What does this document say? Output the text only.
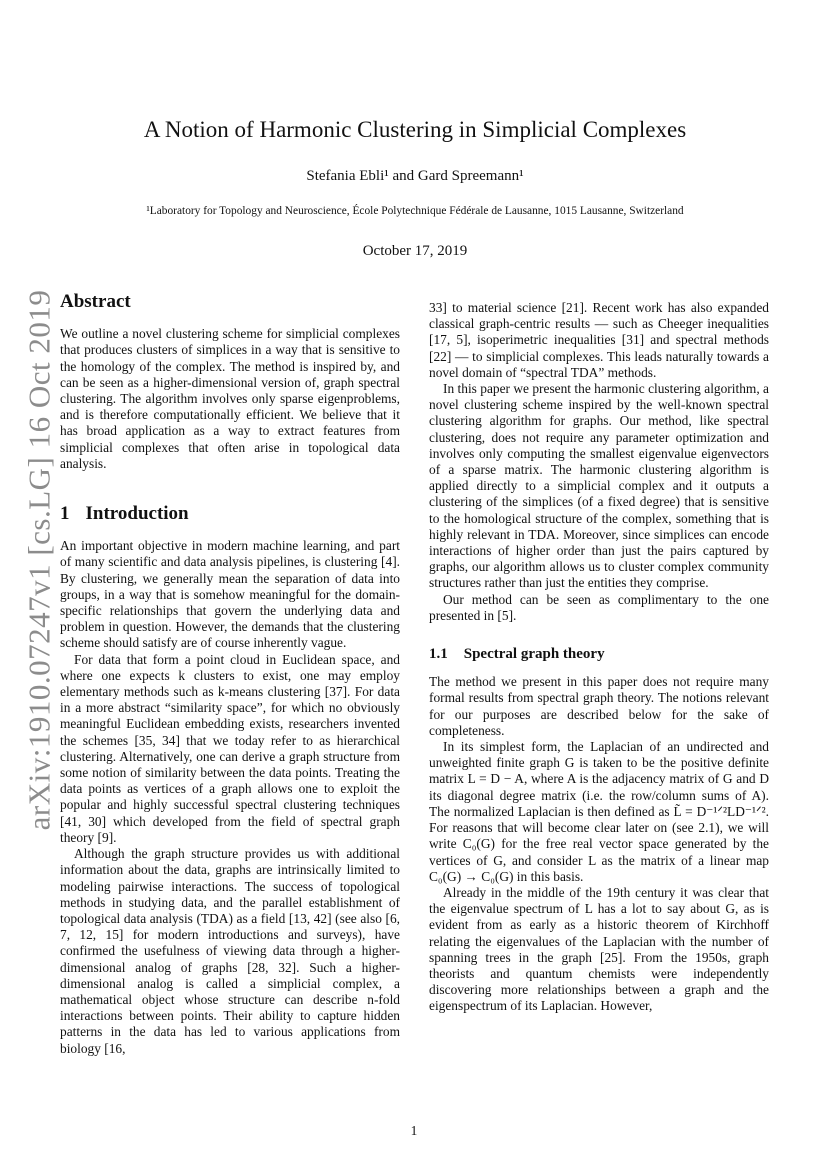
arXiv:1910.07247v1 [cs.LG] 16 Oct 2019
A Notion of Harmonic Clustering in Simplicial Complexes
Stefania Ebli¹ and Gard Spreemann¹
¹Laboratory for Topology and Neuroscience, École Polytechnique Fédérale de Lausanne, 1015 Lausanne, Switzerland
October 17, 2019
Abstract

We outline a novel clustering scheme for simplicial complexes that produces clusters of simplices in a way that is sensitive to the homology of the complex. The method is inspired by, and can be seen as a higher-dimensional version of, graph spectral clustering. The algorithm involves only sparse eigenproblems, and is therefore computationally efficient. We believe that it has broad application as a way to extract features from simplicial complexes that often arise in topological data analysis.

1 Introduction

An important objective in modern machine learning, and part of many scientific and data analysis pipelines, is clustering [4]. By clustering, we generally mean the separation of data into groups, in a way that is somehow meaningful for the domain-specific relationships that govern the underlying data and problem in question. However, the demands that the clustering scheme should satisfy are of course inherently vague.

For data that form a point cloud in Euclidean space, and where one expects k clusters to exist, one may employ elementary methods such as k-means clustering [37]. For data in a more abstract “similarity space”, for which no obviously meaningful Euclidean embedding exists, researchers invented the schemes [35, 34] that we today refer to as hierarchical clustering. Alternatively, one can derive a graph structure from some notion of similarity between the data points. Treating the data points as vertices of a graph allows one to exploit the popular and highly successful spectral clustering techniques [41, 30] which developed from the field of spectral graph theory [9].

Although the graph structure provides us with additional information about the data, graphs are intrinsically limited to modeling pairwise interactions. The success of topological methods in studying data, and the parallel establishment of topological data analysis (TDA) as a field [13, 42] (see also [6, 7, 12, 15] for modern introductions and surveys), have confirmed the usefulness of viewing data through a higher-dimensional analog of graphs [28, 32]. Such a higher-dimensional analog is called a simplicial complex, a mathematical object whose structure can describe n-fold interactions between points. Their ability to capture hidden patterns in the data has led to various applications from biology [16,

33] to material science [21]. Recent work has also expanded classical graph-centric results — such as Cheeger inequalities [17, 5], isoperimetric inequalities [31] and spectral methods [22] — to simplicial complexes. This leads naturally towards a novel domain of “spectral TDA” methods.

In this paper we present the harmonic clustering algorithm, a novel clustering scheme inspired by the well-known spectral clustering algorithm for graphs. Our method, like spectral clustering, does not require any parameter optimization and involves only computing the smallest eigenvalue eigenvectors of a sparse matrix. The harmonic clustering algorithm is applied directly to a simplicial complex and it outputs a clustering of the simplices (of a fixed degree) that is sensitive to the homological structure of the complex, something that is highly relevant in TDA. Moreover, since simplices can encode interactions of higher order than just the pairs captured by graphs, our algorithm allows us to cluster complex community structures rather than just the entities they comprise.

Our method can be seen as complimentary to the one presented in [5].

1.1 Spectral graph theory

The method we present in this paper does not require many formal results from spectral graph theory. The notions relevant for our purposes are described below for the sake of completeness.

In its simplest form, the Laplacian of an undirected and unweighted finite graph G is taken to be the positive definite matrix L = D − A, where A is the adjacency matrix of G and D its diagonal degree matrix (i.e. the row/column sums of A). The normalized Laplacian is then defined as L̃ = D⁻¹ᐟ²LD⁻¹ᐟ². For reasons that will become clear later on (see 2.1), we will write C₀(G) for the free real vector space generated by the vertices of G, and consider L as the matrix of a linear map C₀(G) → C₀(G) in this basis.

Already in the middle of the 19th century it was clear that the eigenvalue spectrum of L has a lot to say about G, as is evident from as early as a historic theorem of Kirchhoff relating the eigenvalues of the Laplacian with the number of spanning trees in the graph [25]. From the 1950s, graph theorists and quantum chemists were independently discovering more relationships between a graph and the eigenspectrum of its Laplacian. However,

1
